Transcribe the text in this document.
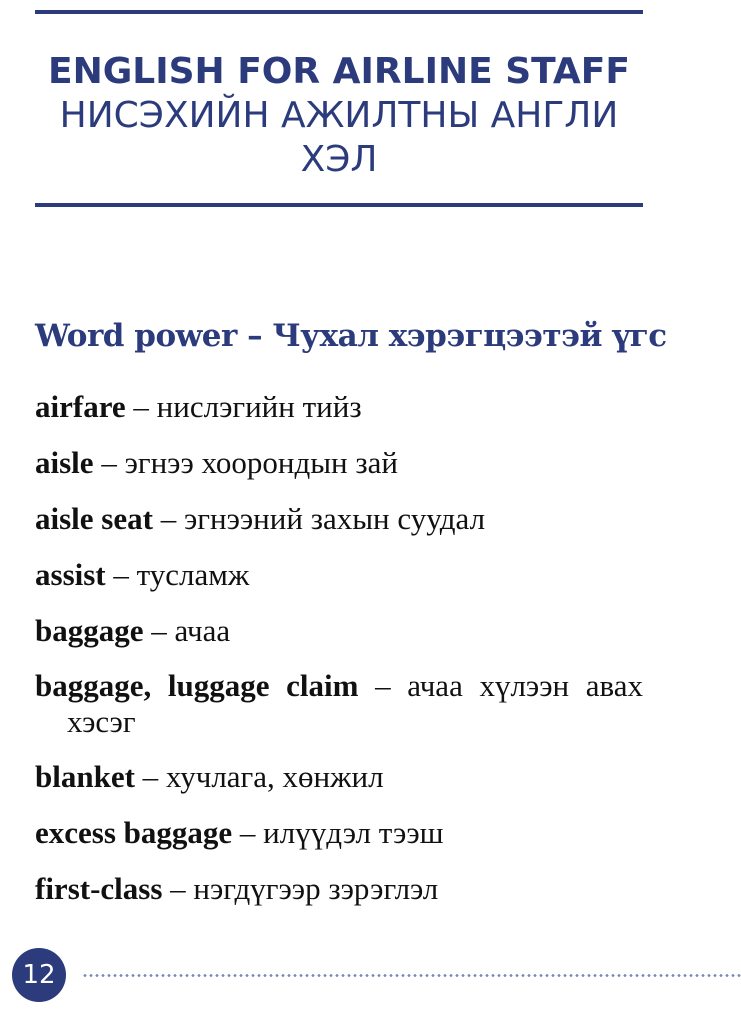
ENGLISH FOR AIRLINE STAFF
НИСЭХИЙН АЖИЛТНЫ АНГЛИ ХЭЛ
Word power – Чухал хэрэгцээтэй үгс

airfare – нислэгийн тийз

aisle – эгнээ хоорондын зай

aisle seat – эгнээний захын суудал

assist – тусламж

baggage – ачаа

baggage, luggage claim – ачаа хүлээн авах хэсэг

blanket – хучлага, хөнжил

excess baggage – илүүдэл тээш

first-class – нэгдүгээр зэрэглэл

12
